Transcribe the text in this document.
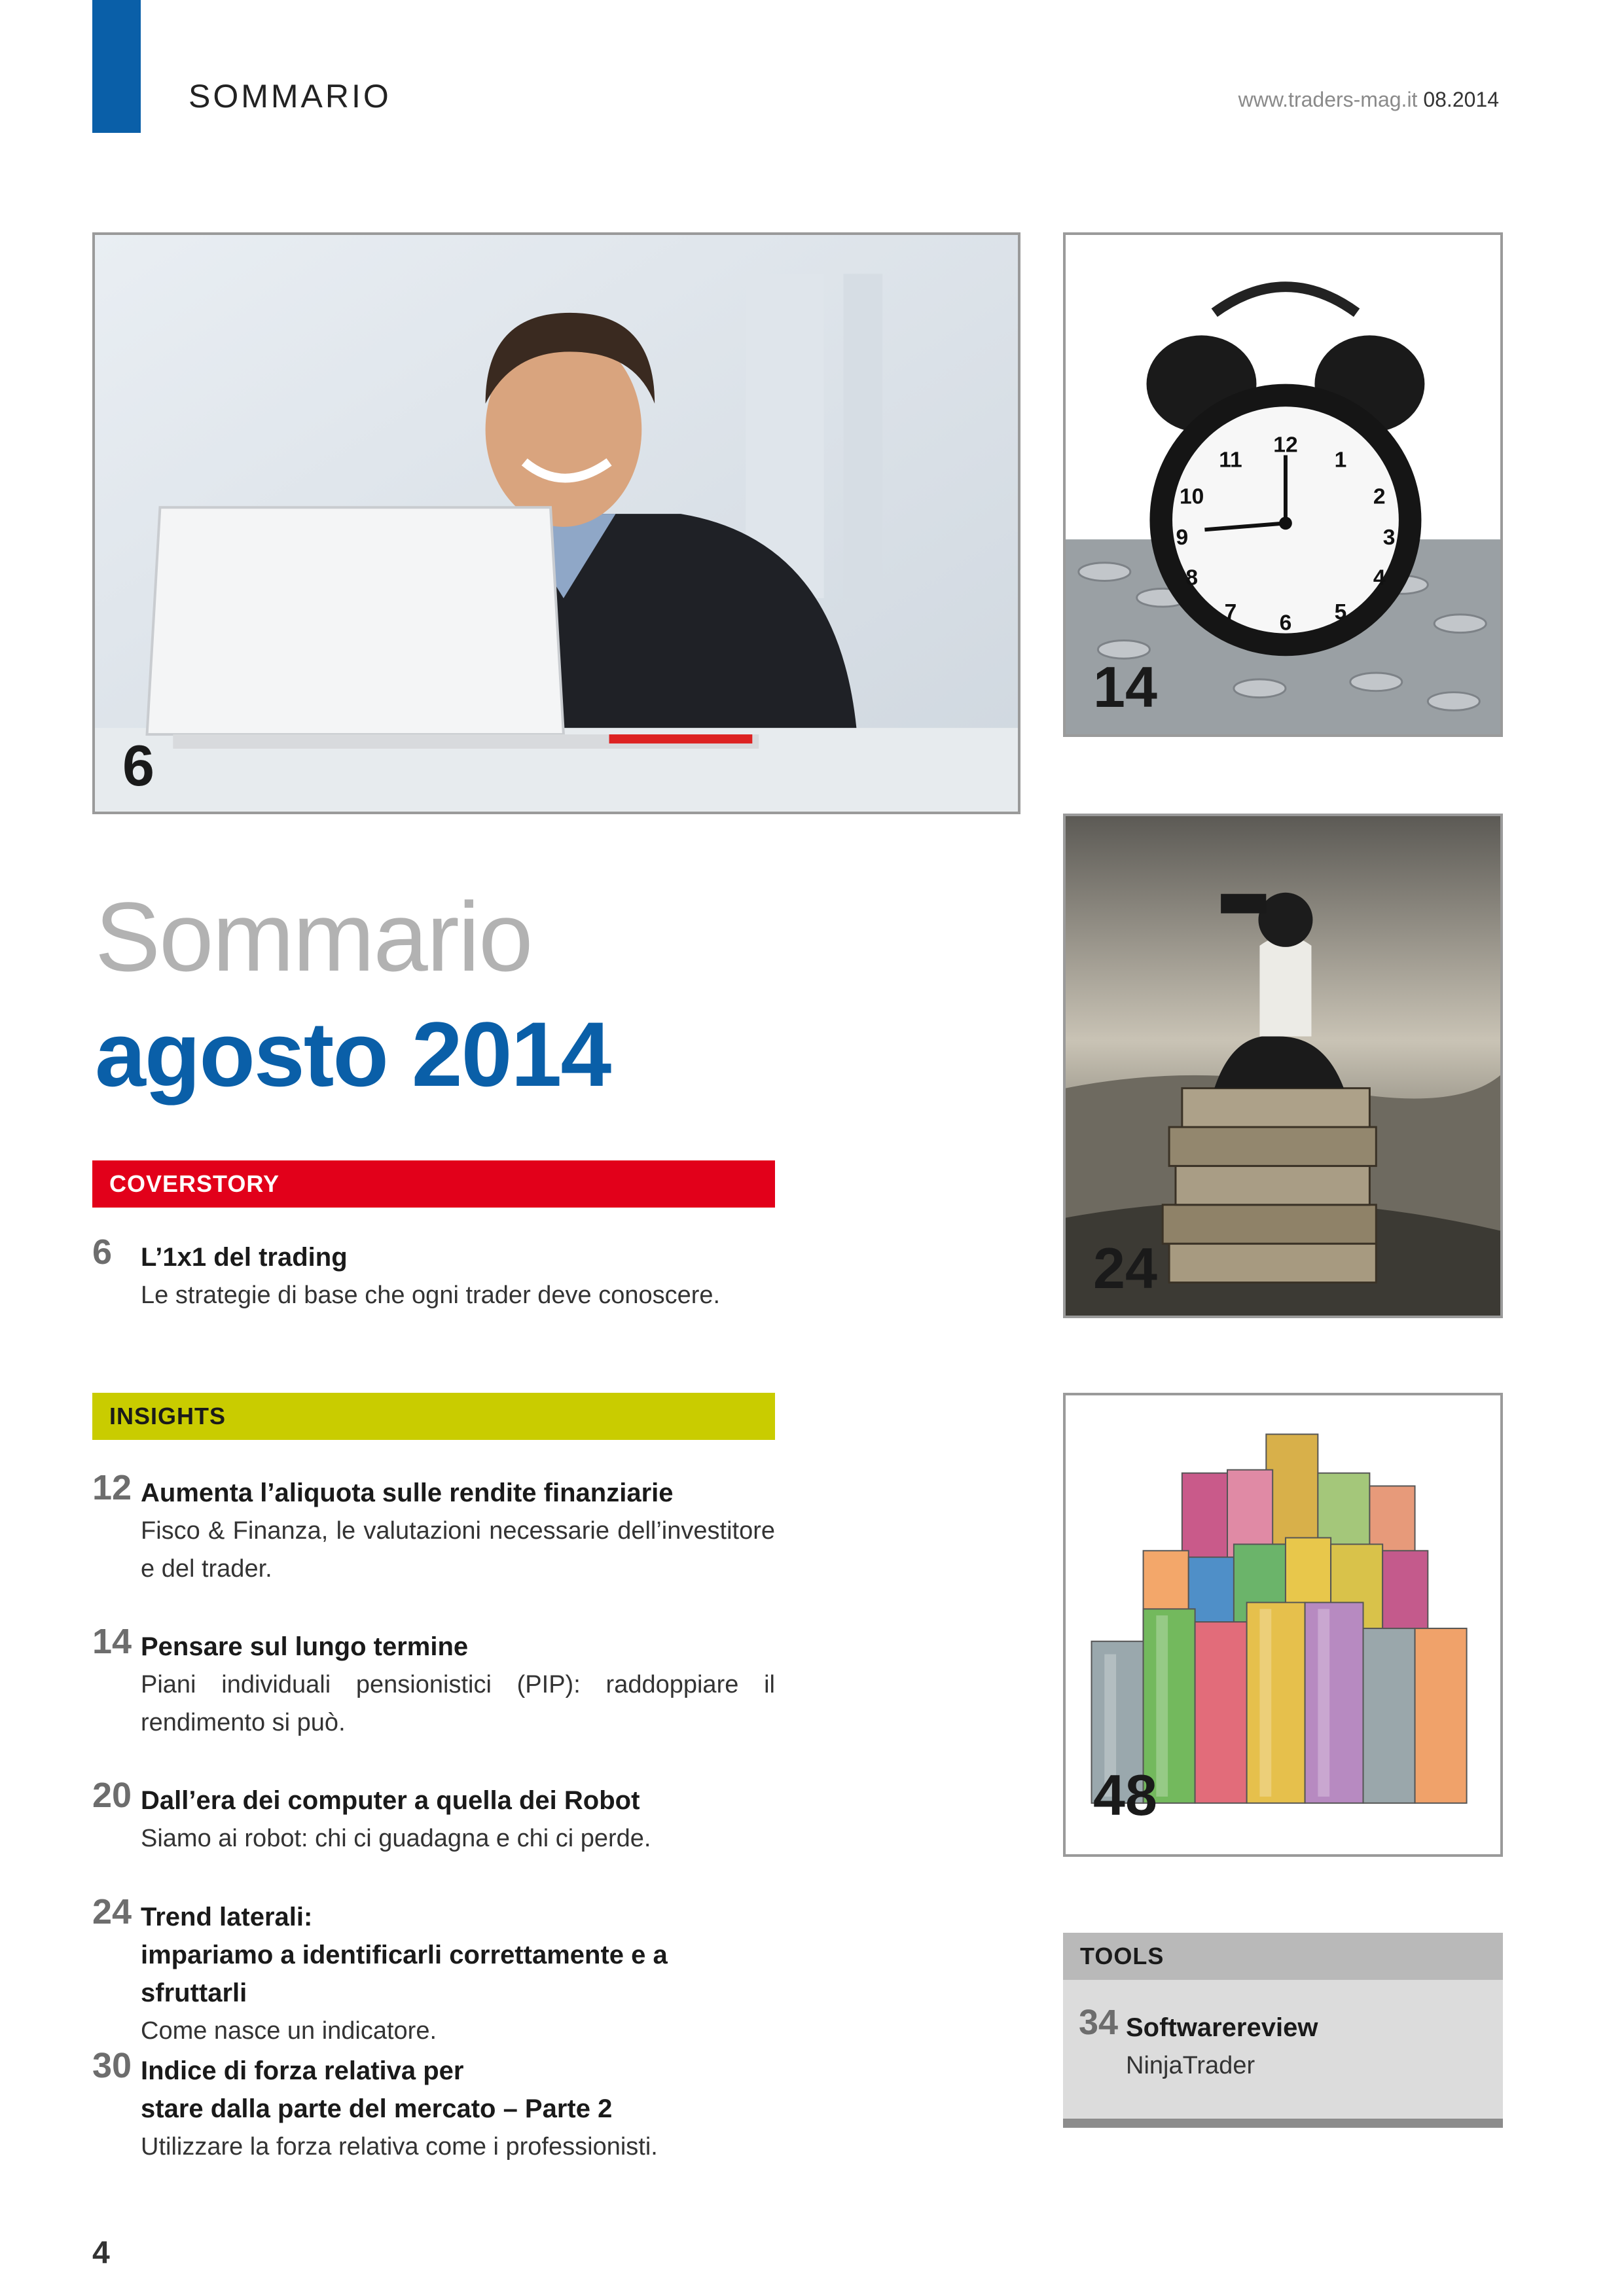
SOMMARIO	www.traders-mag.it 08.2014
6
12
1
2
3
4
5
6
7
8
9
10
11
14
24
48
Sommario
agosto 2014
COVERSTORY
6 L’1x1 del trading
Le strategie di base che ogni trader deve conoscere.
INSIGHTS
12 Aumenta l’aliquota sulle rendite finanziarie
Fisco & Finanza, le valutazioni necessarie dell’investitore e del trader.
14 Pensare sul lungo termine
Piani individuali pensionistici (PIP): raddoppiare il rendimento si può.
20 Dall’era dei computer a quella dei Robot
Siamo ai robot: chi ci guadagna e chi ci perde.
24 Trend laterali:
impariamo a identificarli correttamente e a sfruttarli
Come nasce un indicatore.
30 Indice di forza relativa per
stare dalla parte del mercato – Parte 2
Utilizzare la forza relativa come i professionisti.
TOOLS
34 Softwarereview
NinjaTrader
4
